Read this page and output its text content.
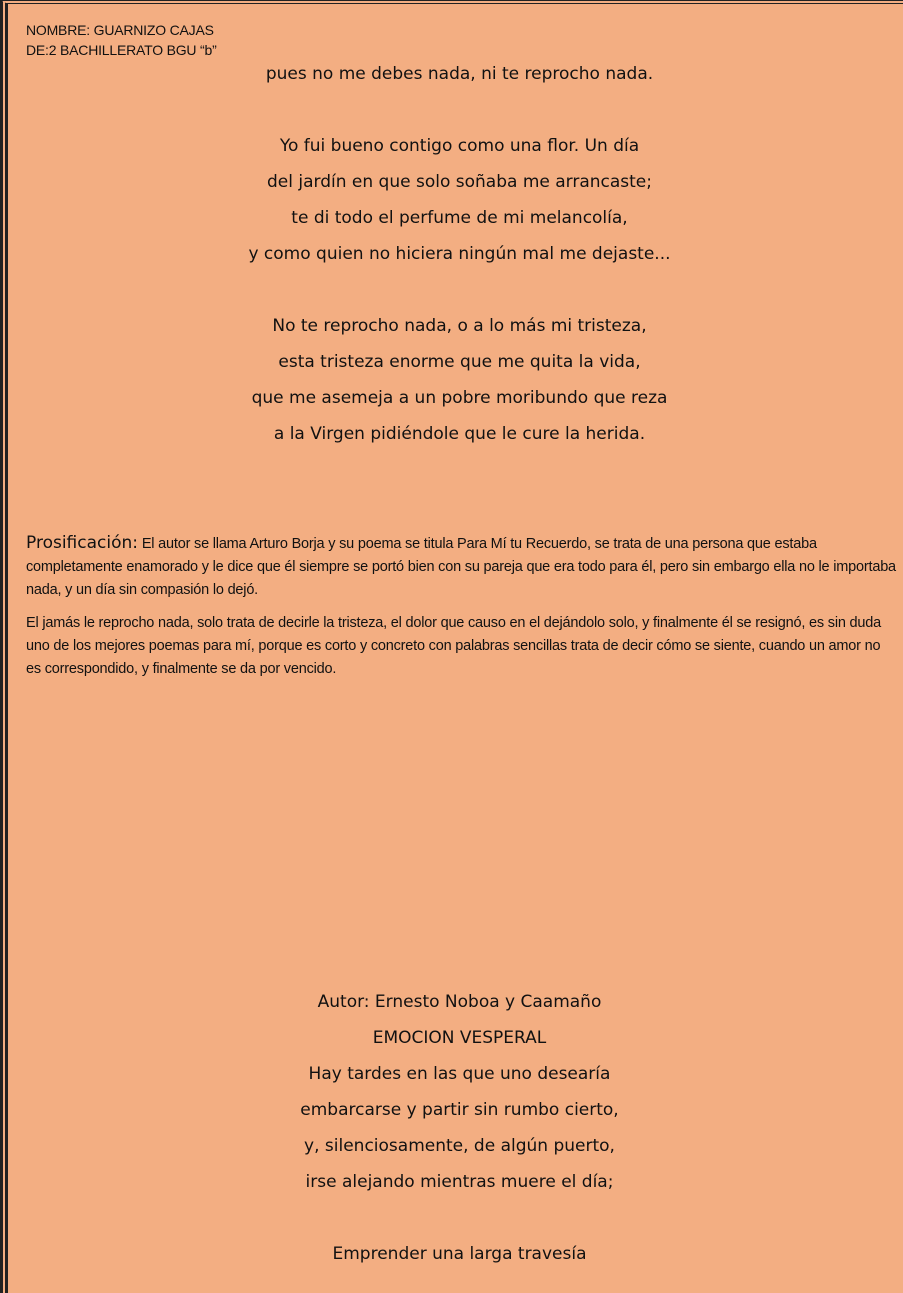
NOMBRE: GUARNIZO CAJAS
DE:2 BACHILLERATO BGU “b”
pues no me debes nada, ni te reprocho nada.
Yo fui bueno contigo como una flor. Un día
del jardín en que solo soñaba me arrancaste;
te di todo el perfume de mi melancolía,
y como quien no hiciera ningún mal me dejaste...
No te reprocho nada, o a lo más mi tristeza,
esta tristeza enorme que me quita la vida,
que me asemeja a un pobre moribundo que reza
a la Virgen pidiéndole que le cure la herida.

Prosificación: El autor se llama Arturo Borja y su poema se titula Para Mí tu Recuerdo, se trata de una persona que estaba completamente enamorado y le dice que él siempre se portó bien con su pareja que era todo para él, pero sin embargo ella no le importaba nada, y un día sin compasión lo dejó.

El jamás le reprocho nada, solo trata de decirle la tristeza, el dolor que causo en el dejándolo solo, y finalmente él se resignó, es sin duda uno de los mejores poemas para mí, porque es corto y concreto con palabras sencillas trata de decir cómo se siente, cuando un amor no es correspondido, y finalmente se da por vencido.

Autor: Ernesto Noboa y Caamaño
EMOCION VESPERAL
Hay tardes en las que uno desearía
embarcarse y partir sin rumbo cierto,
y, silenciosamente, de algún puerto,
irse alejando mientras muere el día;
Emprender una larga travesía
